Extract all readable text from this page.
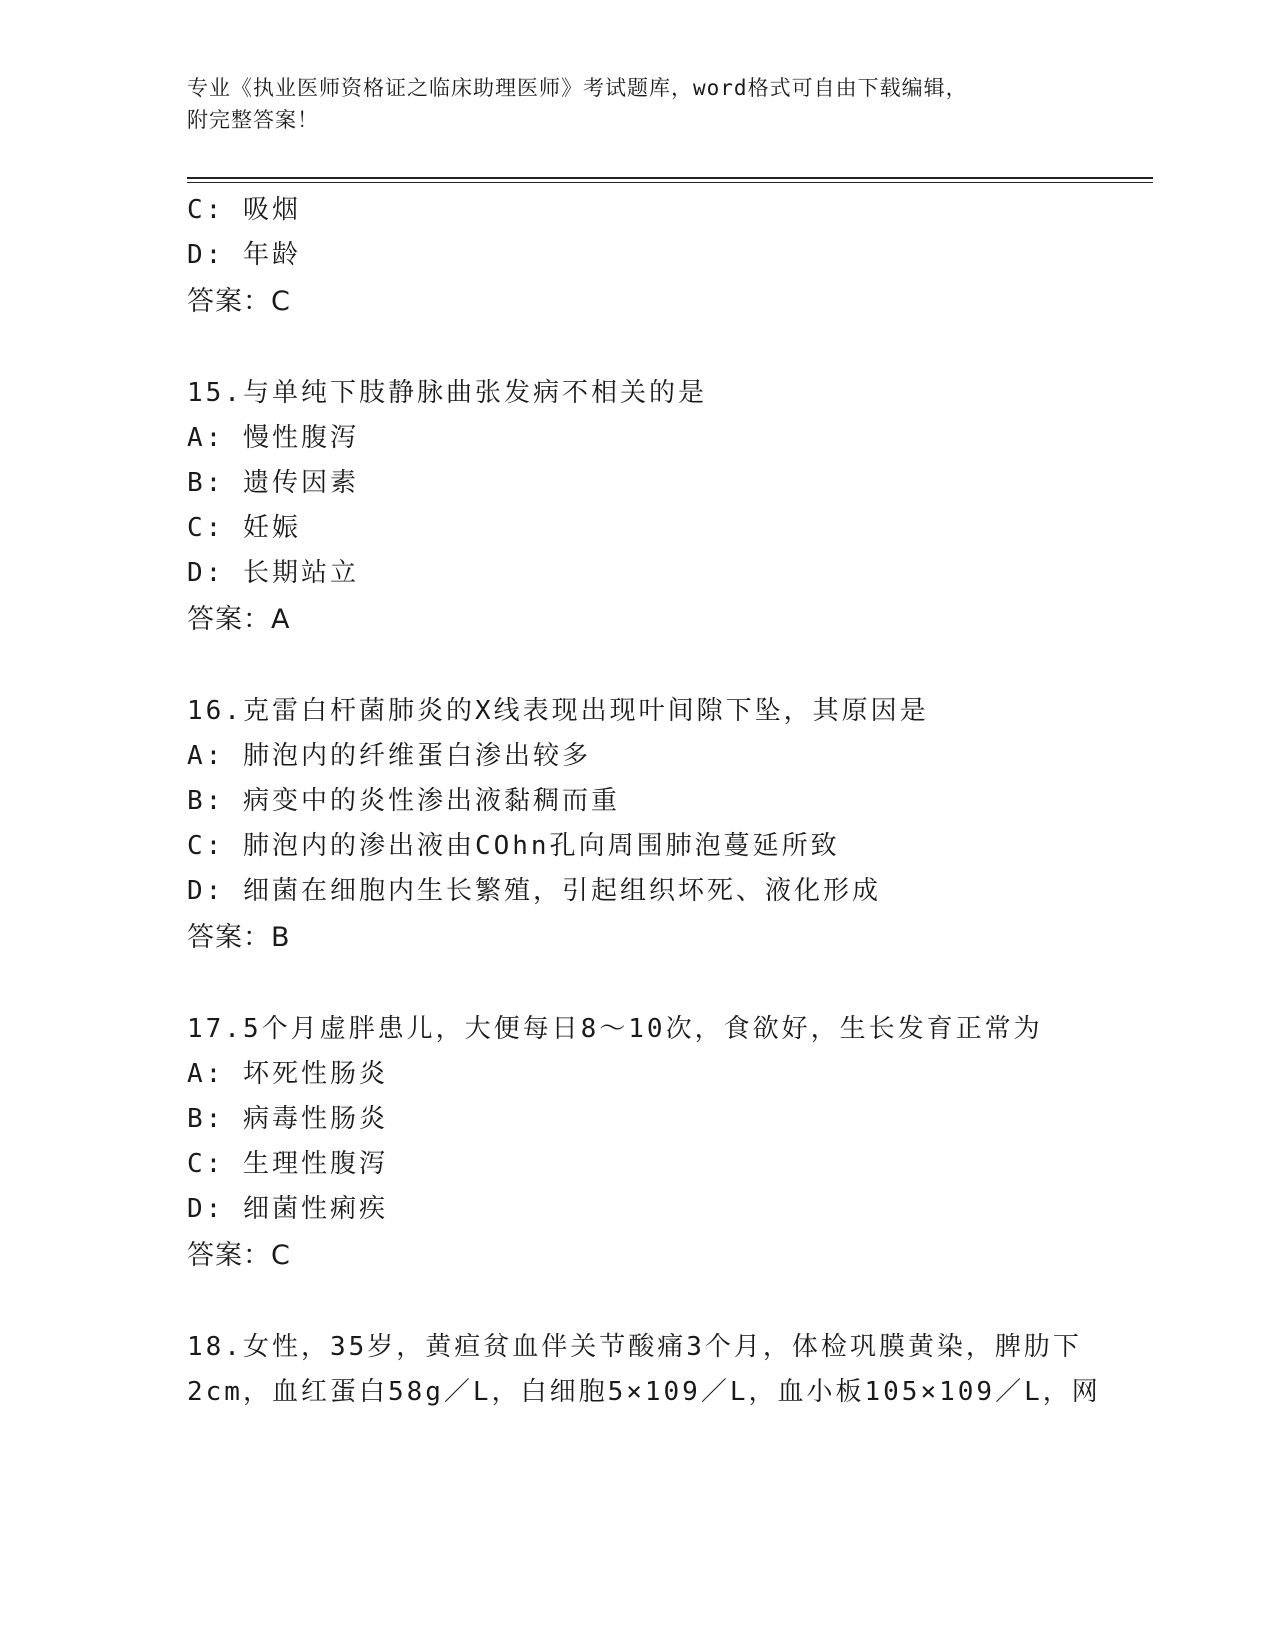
专业《执业医师资格证之临床助理医师》考试题库，word格式可自由下载编辑，
附完整答案！
C: 吸烟
D: 年龄
答案：C
15.与单纯下肢静脉曲张发病不相关的是
A: 慢性腹泻
B: 遗传因素
C: 妊娠
D: 长期站立
答案：A
16.克雷白杆菌肺炎的X线表现出现叶间隙下坠，其原因是
A: 肺泡内的纤维蛋白渗出较多
B: 病变中的炎性渗出液黏稠而重
C: 肺泡内的渗出液由COhn孔向周围肺泡蔓延所致
D: 细菌在细胞内生长繁殖，引起组织坏死、液化形成
答案：B
17.5个月虚胖患儿，大便每日8～10次，食欲好，生长发育正常为
A: 坏死性肠炎
B: 病毒性肠炎
C: 生理性腹泻
D: 细菌性痢疾
答案：C
18.女性，35岁，黄疸贫血伴关节酸痛3个月，体检巩膜黄染，脾肋下
2cm，血红蛋白58g／L，白细胞5×109／L，血小板105×109／L，网
